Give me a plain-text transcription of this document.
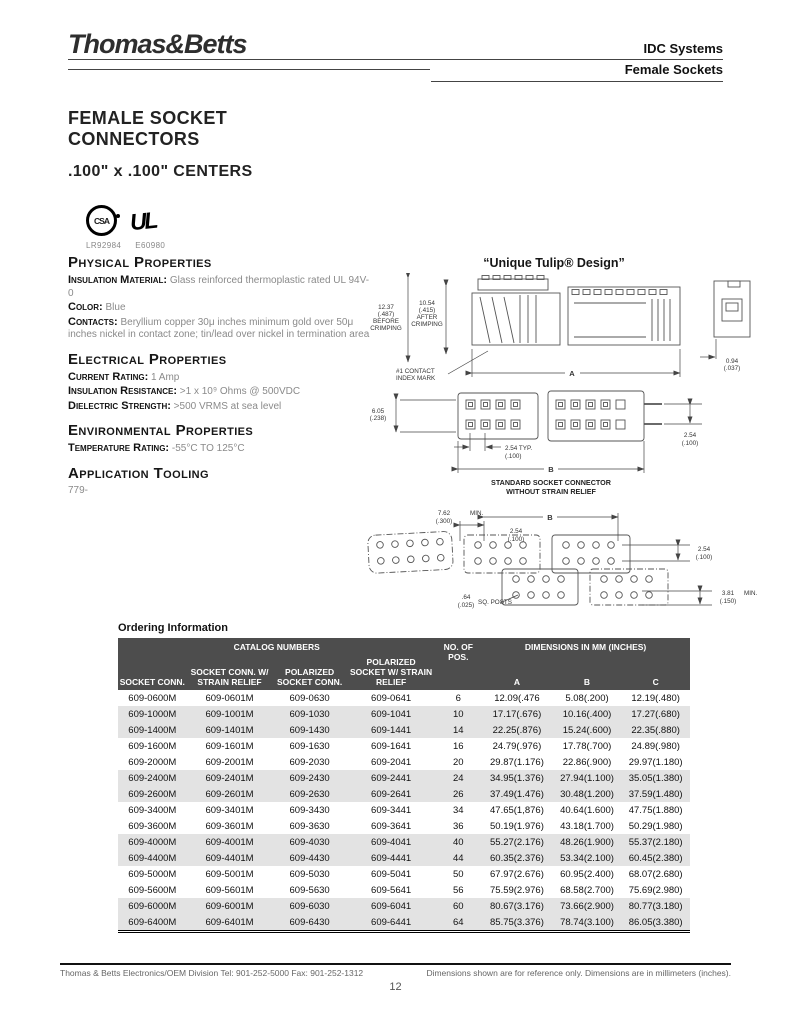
Thomas&Betts	IDC Systems
Female Sockets
FEMALE SOCKET
CONNECTORS
.100" x .100" CENTERS
CSA UL
LR92984 E60980
Physical Properties

Insulation Material: Glass reinforced thermoplastic rated UL 94V-0

Color: Blue

Contacts: Beryllium copper 30μ inches minimum gold over 50μ inches nickel in contact zone; tin/lead over nickel in termination area

Electrical Properties

Current Rating: 1 Amp

Insulation Resistance: >1 x 10⁹ Ohms @ 500VDC

Dielectric Strength: >500 VRMS at sea level

Environmental Properties

Temperature Rating: -55°C TO 125°C

Application Tooling

779-

“Unique Tulip® Design”
A
12.37
(.487)
BEFORE
CRIMPING
10.54
(.415)
AFTER
CRIMPING
#1 CONTACT
INDEX MARK
0.94
(.037)
6.05
(.238)
2.54 TYP.
(.100)
B
2.54
(.100)
STANDARD SOCKET CONNECTOR
WITHOUT STRAIN RELIEF
B
7.62
(.300)
MIN.
2.54
(.100)
2.54
(.100)
3.81
(.150)
MIN.
.64
(.025) SQ. POSTS
Ordering Information
CATALOG NUMBERS				NO. OF POS.	DIMENSIONS IN MM (INCHES)		
SOCKET CONN.	SOCKET CONN. W/ STRAIN RELIEF	POLARIZED SOCKET CONN.	POLARIZED SOCKET W/ STRAIN RELIEF		A	B	C
609-0600M	609-0601M	609-0630	609-0641	6	12.09(.476	5.08(.200)	12.19(.480)
609-1000M	609-1001M	609-1030	609-1041	10	17.17(.676)	10.16(.400)	17.27(.680)
609-1400M	609-1401M	609-1430	609-1441	14	22.25(.876)	15.24(.600)	22.35(.880)
609-1600M	609-1601M	609-1630	609-1641	16	24.79(.976)	17.78(.700)	24.89(.980)
609-2000M	609-2001M	609-2030	609-2041	20	29.87(1.176)	22.86(.900)	29.97(1.180)
609-2400M	609-2401M	609-2430	609-2441	24	34.95(1.376)	27.94(1.100)	35.05(1.380)
609-2600M	609-2601M	609-2630	609-2641	26	37.49(1.476)	30.48(1.200)	37.59(1.480)
609-3400M	609-3401M	609-3430	609-3441	34	47.65(1,876)	40.64(1.600)	47.75(1.880)
609-3600M	609-3601M	609-3630	609-3641	36	50.19(1.976)	43.18(1.700)	50.29(1.980)
609-4000M	609-4001M	609-4030	609-4041	40	55.27(2.176)	48.26(1.900)	55.37(2.180)
609-4400M	609-4401M	609-4430	609-4441	44	60.35(2.376)	53.34(2.100)	60.45(2.380)
609-5000M	609-5001M	609-5030	609-5041	50	67.97(2.676)	60.95(2.400)	68.07(2.680)
609-5600M	609-5601M	609-5630	609-5641	56	75.59(2.976)	68.58(2.700)	75.69(2.980)
609-6000M	609-6001M	609-6030	609-6041	60	80.67(3.176)	73.66(2.900)	80.77(3.180)
609-6400M	609-6401M	609-6430	609-6441	64	85.75(3.376)	78.74(3.100)	86.05(3.380)
Thomas & Betts Electronics/OEM Division Tel: 901-252-5000 Fax: 901-252-1312	Dimensions shown are for reference only. Dimensions are in millimeters (inches).
12
